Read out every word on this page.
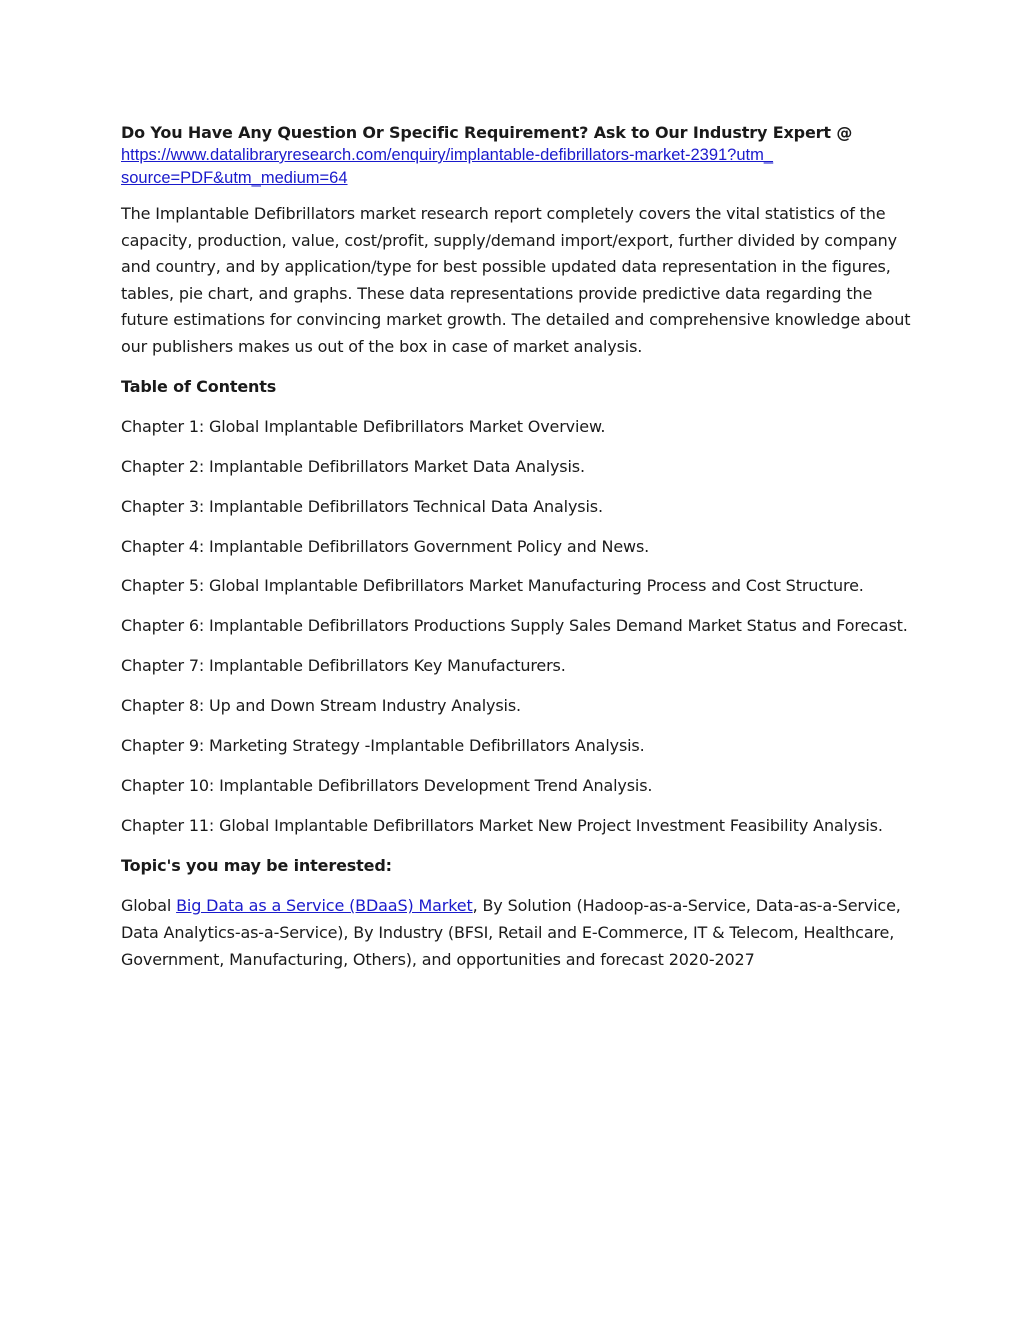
Do You Have Any Question Or Specific Requirement? Ask to Our Industry Expert @

https://www.datalibraryresearch.com/enquiry/implantable-defibrillators-market-2391?utm_source=PDF&utm_medium=64

The Implantable Defibrillators market research report completely covers the vital statistics of the capacity, production, value, cost/profit, supply/demand import/export, further divided by company and country, and by application/type for best possible updated data representation in the figures, tables, pie chart, and graphs. These data representations provide predictive data regarding the future estimations for convincing market growth. The detailed and comprehensive knowledge about our publishers makes us out of the box in case of market analysis.

Table of Contents

Chapter 1: Global Implantable Defibrillators Market Overview.
Chapter 2: Implantable Defibrillators Market Data Analysis.
Chapter 3: Implantable Defibrillators Technical Data Analysis.
Chapter 4: Implantable Defibrillators Government Policy and News.
Chapter 5: Global Implantable Defibrillators Market Manufacturing Process and Cost Structure.
Chapter 6: Implantable Defibrillators Productions Supply Sales Demand Market Status and Forecast.
Chapter 7: Implantable Defibrillators Key Manufacturers.
Chapter 8: Up and Down Stream Industry Analysis.
Chapter 9: Marketing Strategy -Implantable Defibrillators Analysis.
Chapter 10: Implantable Defibrillators Development Trend Analysis.
Chapter 11: Global Implantable Defibrillators Market New Project Investment Feasibility Analysis.

Topic's you may be interested:

Global Big Data as a Service (BDaaS) Market, By Solution (Hadoop-as-a-Service, Data-as-a-Service, Data Analytics-as-a-Service), By Industry (BFSI, Retail and E-Commerce, IT & Telecom, Healthcare, Government, Manufacturing, Others), and opportunities and forecast 2020-2027
